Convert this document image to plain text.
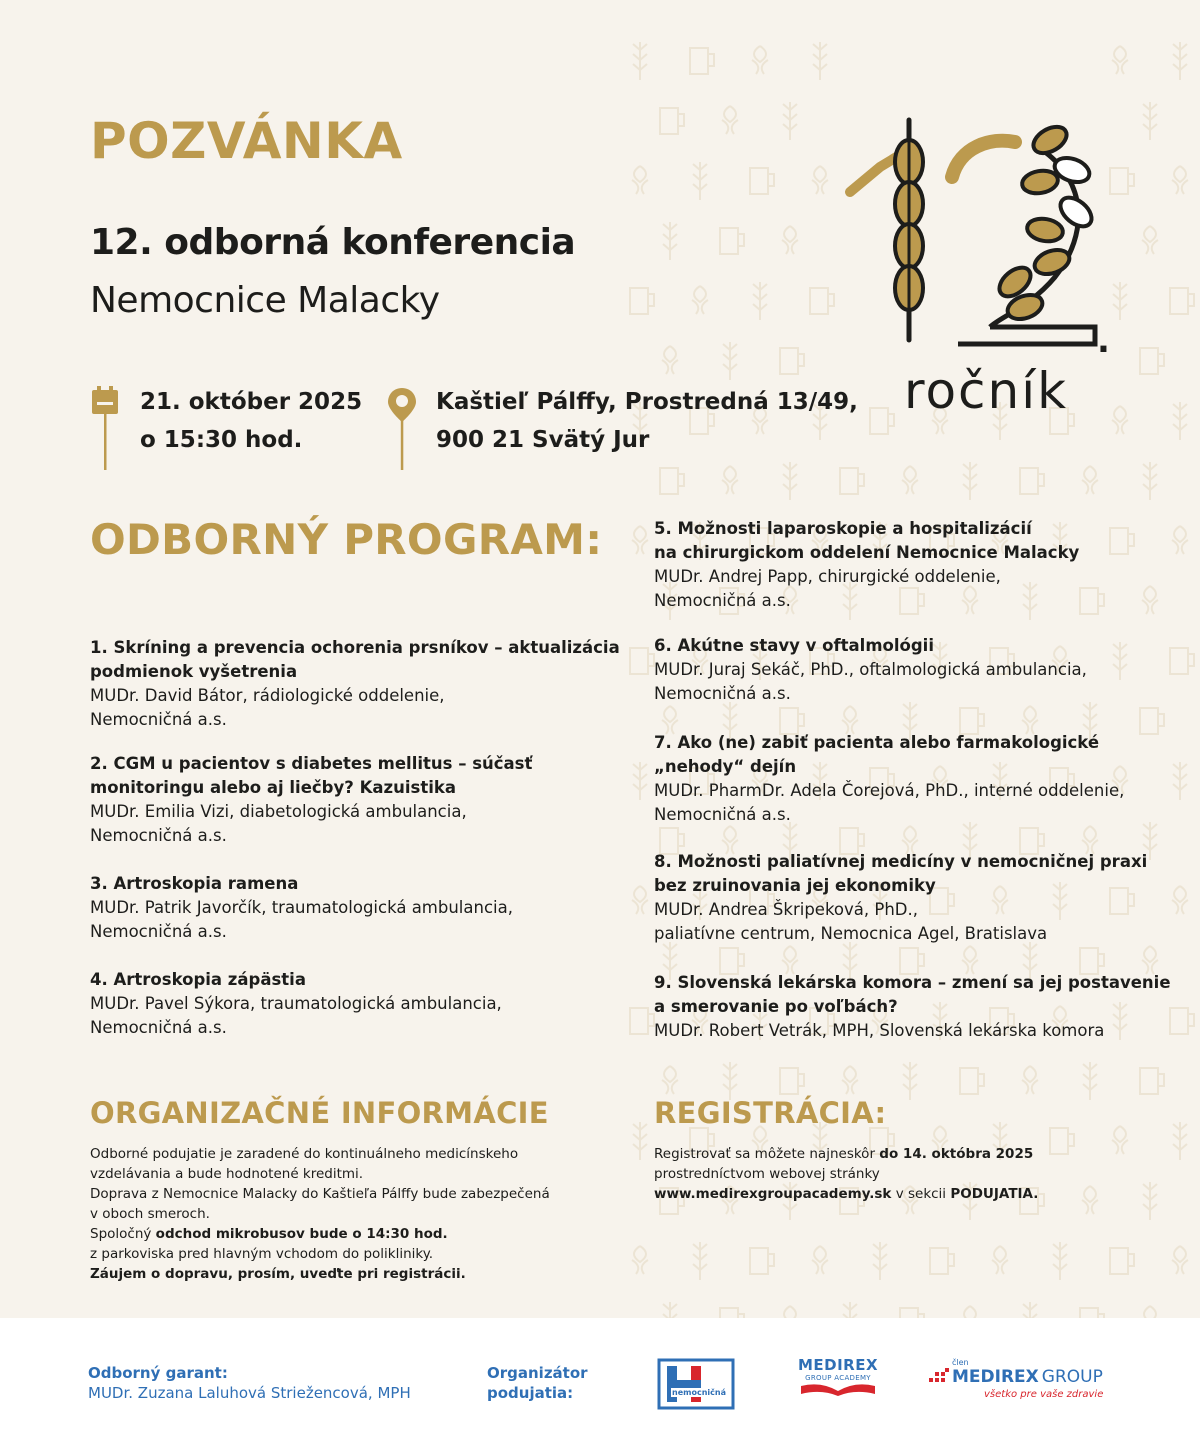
POZVÁNKA
12. odborná konferencia
Nemocnice Malacky
21. október 2025
o 15:30 hod.
Kaštieľ Pálffy, Prostredná 13/49,
900 21 Svätý Jur
.
12
ročník
ODBORNÝ PROGRAM:
1. Skríning a prevencia ochorenia prsníkov – aktualizácia
podmienok vyšetrenia
MUDr. David Bátor, rádiologické oddelenie,
Nemocničná a.s.
2. CGM u pacientov s diabetes mellitus – súčasť
monitoringu alebo aj liečby? Kazuistika
MUDr. Emilia Vizi, diabetologická ambulancia,
Nemocničná a.s.
3. Artroskopia ramena
MUDr. Patrik Javorčík, traumatologická ambulancia,
Nemocničná a.s.
4. Artroskopia zápästia
MUDr. Pavel Sýkora, traumatologická ambulancia,
Nemocničná a.s.
5. Možnosti laparoskopie a hospitalizácií
na chirurgickom oddelení Nemocnice Malacky
MUDr. Andrej Papp, chirurgické oddelenie,
Nemocničná a.s.
6. Akútne stavy v oftalmológii
MUDr. Juraj Sekáč, PhD., oftalmologická ambulancia,
Nemocničná a.s.
7. Ako (ne) zabiť pacienta alebo farmakologické
„nehody“ dejín
MUDr. PharmDr. Adela Čorejová, PhD., interné oddelenie,
Nemocničná a.s.
8. Možnosti paliatívnej medicíny v nemocničnej praxi
bez zruinovania jej ekonomiky
MUDr. Andrea Škripeková, PhD.,
paliatívne centrum, Nemocnica Agel, Bratislava
9. Slovenská lekárska komora – zmení sa jej postavenie
a smerovanie po voľbách?
MUDr. Robert Vetrák, MPH, Slovenská lekárska komora
ORGANIZAČNÉ INFORMÁCIE
Odborné podujatie je zaradené do kontinuálneho medicínskeho
vzdelávania a bude hodnotené kreditmi.
Doprava z Nemocnice Malacky do Kaštieľa Pálffy bude zabezpečená
v oboch smeroch.
Spoločný odchod mikrobusov bude o 14:30 hod.
z parkoviska pred hlavným vchodom do polikliniky.
Záujem o dopravu, prosím, uveďte pri registrácii.
REGISTRÁCIA:
Registrovať sa môžete najneskôr do 14. októbra 2025
prostredníctvom webovej stránky
www.medirexgroupacademy.sk v sekcii PODUJATIA.
Odborný garant:
MUDr. Zuzana Laluhová Striežencová, MPH
Organizátor
podujatia:	nemocničná
MEDIREX
GROUP ACADEMY
člen
MEDIREX GROUP
všetko pre vaše zdravie
